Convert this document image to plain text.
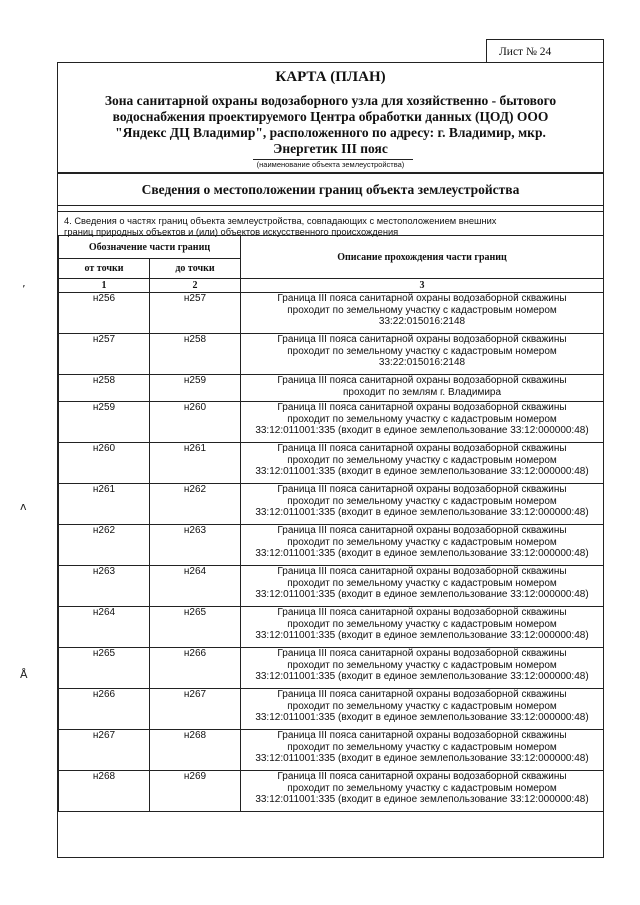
Лист № 24
ʼ
ᴧ
Å
КАРТА (ПЛАН)
Зона санитарной охраны водозаборного узла для хозяйственно - бытового
водоснабжения проектируемого Центра обработки данных (ЦОД) ООО
"Яндекс ДЦ Владимир", расположенного по адресу: г. Владимир, мкр.
Энергетик III пояс
(наименование объекта землеустройства)
Сведения о местоположении границ объекта землеустройства
4. Сведения о частях границ объекта землеустройства, совпадающих с местоположением внешних
границ природных объектов и (или) объектов искусственного происхождения
Обозначение части границ		Описание прохождения части границ
от точки	до точки	
1	2	3
н256	н257	Граница III пояса санитарной охраны водозаборной скважины
проходит по земельному участку с кадастровым номером
33:22:015016:2148

н257	н258	Граница III пояса санитарной охраны водозаборной скважины
проходит по земельному участку с кадастровым номером
33:22:015016:2148

н258	н259	Граница III пояса санитарной охраны водозаборной скважины
проходит по землям г. Владимира

н259	н260	Граница III пояса санитарной охраны водозаборной скважины
проходит по земельному участку с кадастровым номером
33:12:011001:335 (входит в единое землепользование 33:12:000000:48)

н260	н261	Граница III пояса санитарной охраны водозаборной скважины
проходит по земельному участку с кадастровым номером
33:12:011001:335 (входит в единое землепользование 33:12:000000:48)

н261	н262	Граница III пояса санитарной охраны водозаборной скважины
проходит по земельному участку с кадастровым номером
33:12:011001:335 (входит в единое землепользование 33:12:000000:48)

н262	н263	Граница III пояса санитарной охраны водозаборной скважины
проходит по земельному участку с кадастровым номером
33:12:011001:335 (входит в единое землепользование 33:12:000000:48)

н263	н264	Граница III пояса санитарной охраны водозаборной скважины
проходит по земельному участку с кадастровым номером
33:12:011001:335 (входит в единое землепользование 33:12:000000:48)

н264	н265	Граница III пояса санитарной охраны водозаборной скважины
проходит по земельному участку с кадастровым номером
33:12:011001:335 (входит в единое землепользование 33:12:000000:48)

н265	н266	Граница III пояса санитарной охраны водозаборной скважины
проходит по земельному участку с кадастровым номером
33:12:011001:335 (входит в единое землепользование 33:12:000000:48)

н266	н267	Граница III пояса санитарной охраны водозаборной скважины
проходит по земельному участку с кадастровым номером
33:12:011001:335 (входит в единое землепользование 33:12:000000:48)

н267	н268	Граница III пояса санитарной охраны водозаборной скважины
проходит по земельному участку с кадастровым номером
33:12:011001:335 (входит в единое землепользование 33:12:000000:48)

н268	н269	Граница III пояса санитарной охраны водозаборной скважины
проходит по земельному участку с кадастровым номером
33:12:011001:335 (входит в единое землепользование 33:12:000000:48)
